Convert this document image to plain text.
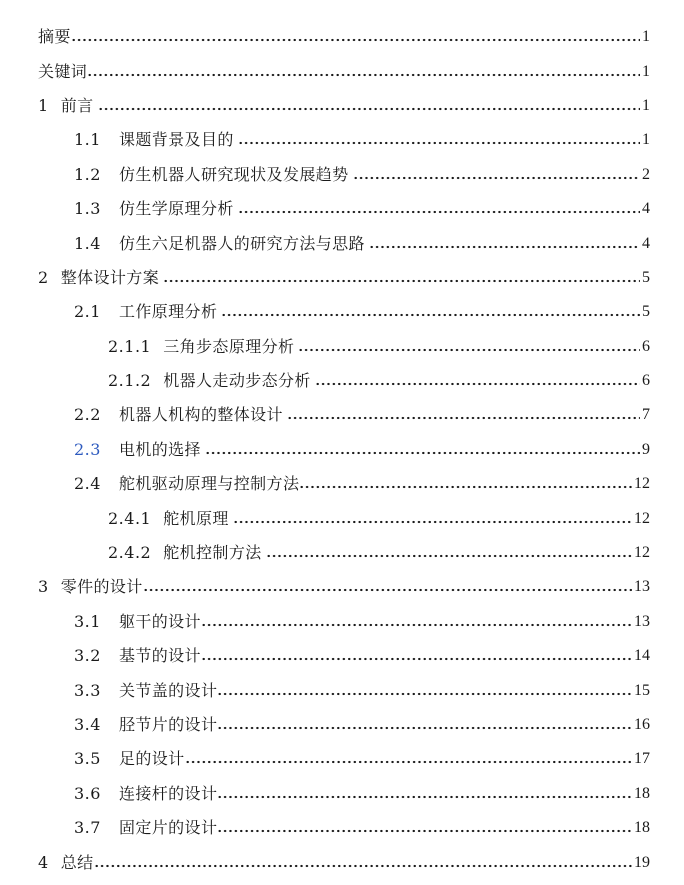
摘要	1
关键词	1
1 前言	1
1.1 课题背景及目的	1
1.2 仿生机器人研究现状及发展趋势	2
1.3 仿生学原理分析	4
1.4 仿生六足机器人的研究方法与思路	4
2 整体设计方案	5
2.1 工作原理分析	5
2.1.1 三角步态原理分析	6
2.1.2 机器人走动步态分析	6
2.2 机器人机构的整体设计	7
2.3 电机的选择	9
2.4 舵机驱动原理与控制方法	12
2.4.1 舵机原理	12
2.4.2 舵机控制方法	12
3 零件的设计	13
3.1 躯干的设计	13
3.2 基节的设计	14
3.3 关节盖的设计	15
3.4 胫节片的设计	16
3.5 足的设计	17
3.6 连接杆的设计	18
3.7 固定片的设计	18
4 总结	19
